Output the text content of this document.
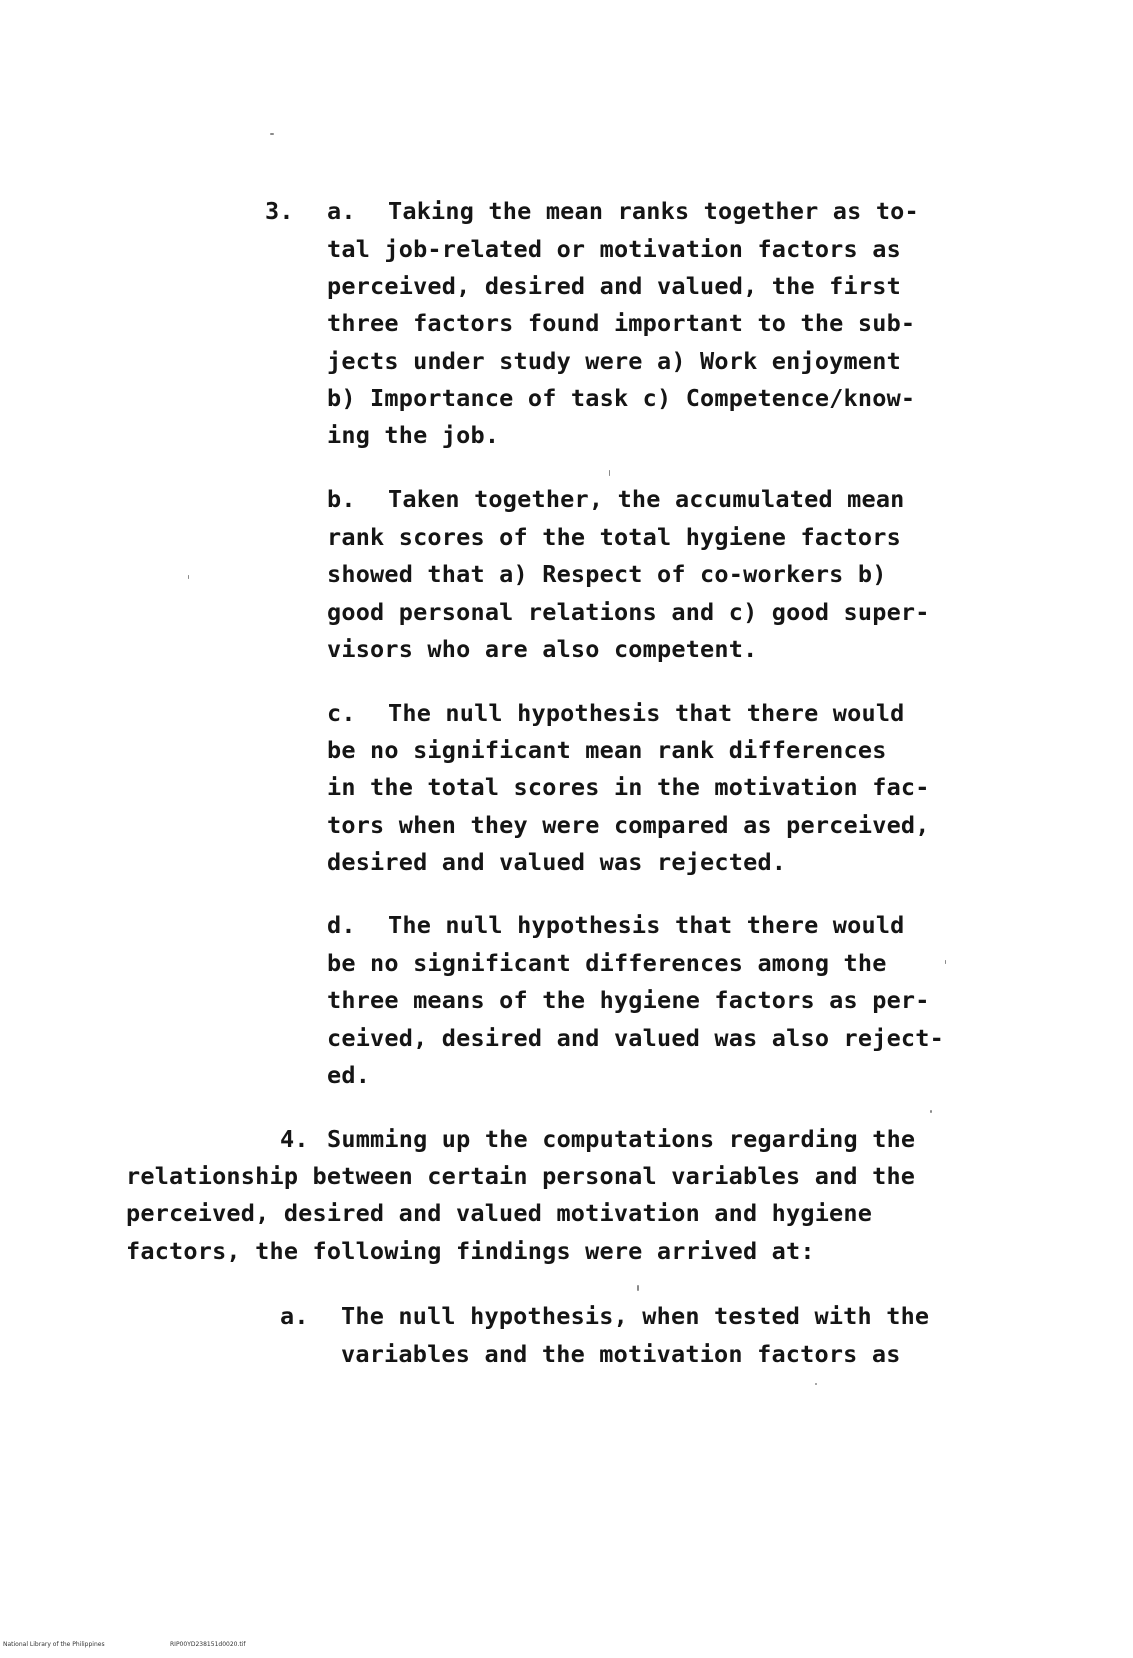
3. a. Taking the mean ranks together as to-
tal job-related or motivation factors as
perceived, desired and valued, the first
three factors found important to the sub-
jects under study were a) Work enjoyment
b) Importance of task c) Competence/know-
ing the job.
b. Taken together, the accumulated mean
rank scores of the total hygiene factors
showed that a) Respect of co-workers b)
good personal relations and c) good super-
visors who are also competent.
c. The null hypothesis that there would
be no significant mean rank differences
in the total scores in the motivation fac-
tors when they were compared as perceived,
desired and valued was rejected.
d. The null hypothesis that there would
be no significant differences among the
three means of the hygiene factors as per-
ceived, desired and valued was also reject-
ed.
4. Summing up the computations regarding the
relationship between certain personal variables and the
perceived, desired and valued motivation and hygiene
factors, the following findings were arrived at:
a. The null hypothesis, when tested with the
variables and the motivation factors as
National Library of the Philippines	RIP00YD238151d0020.tif
